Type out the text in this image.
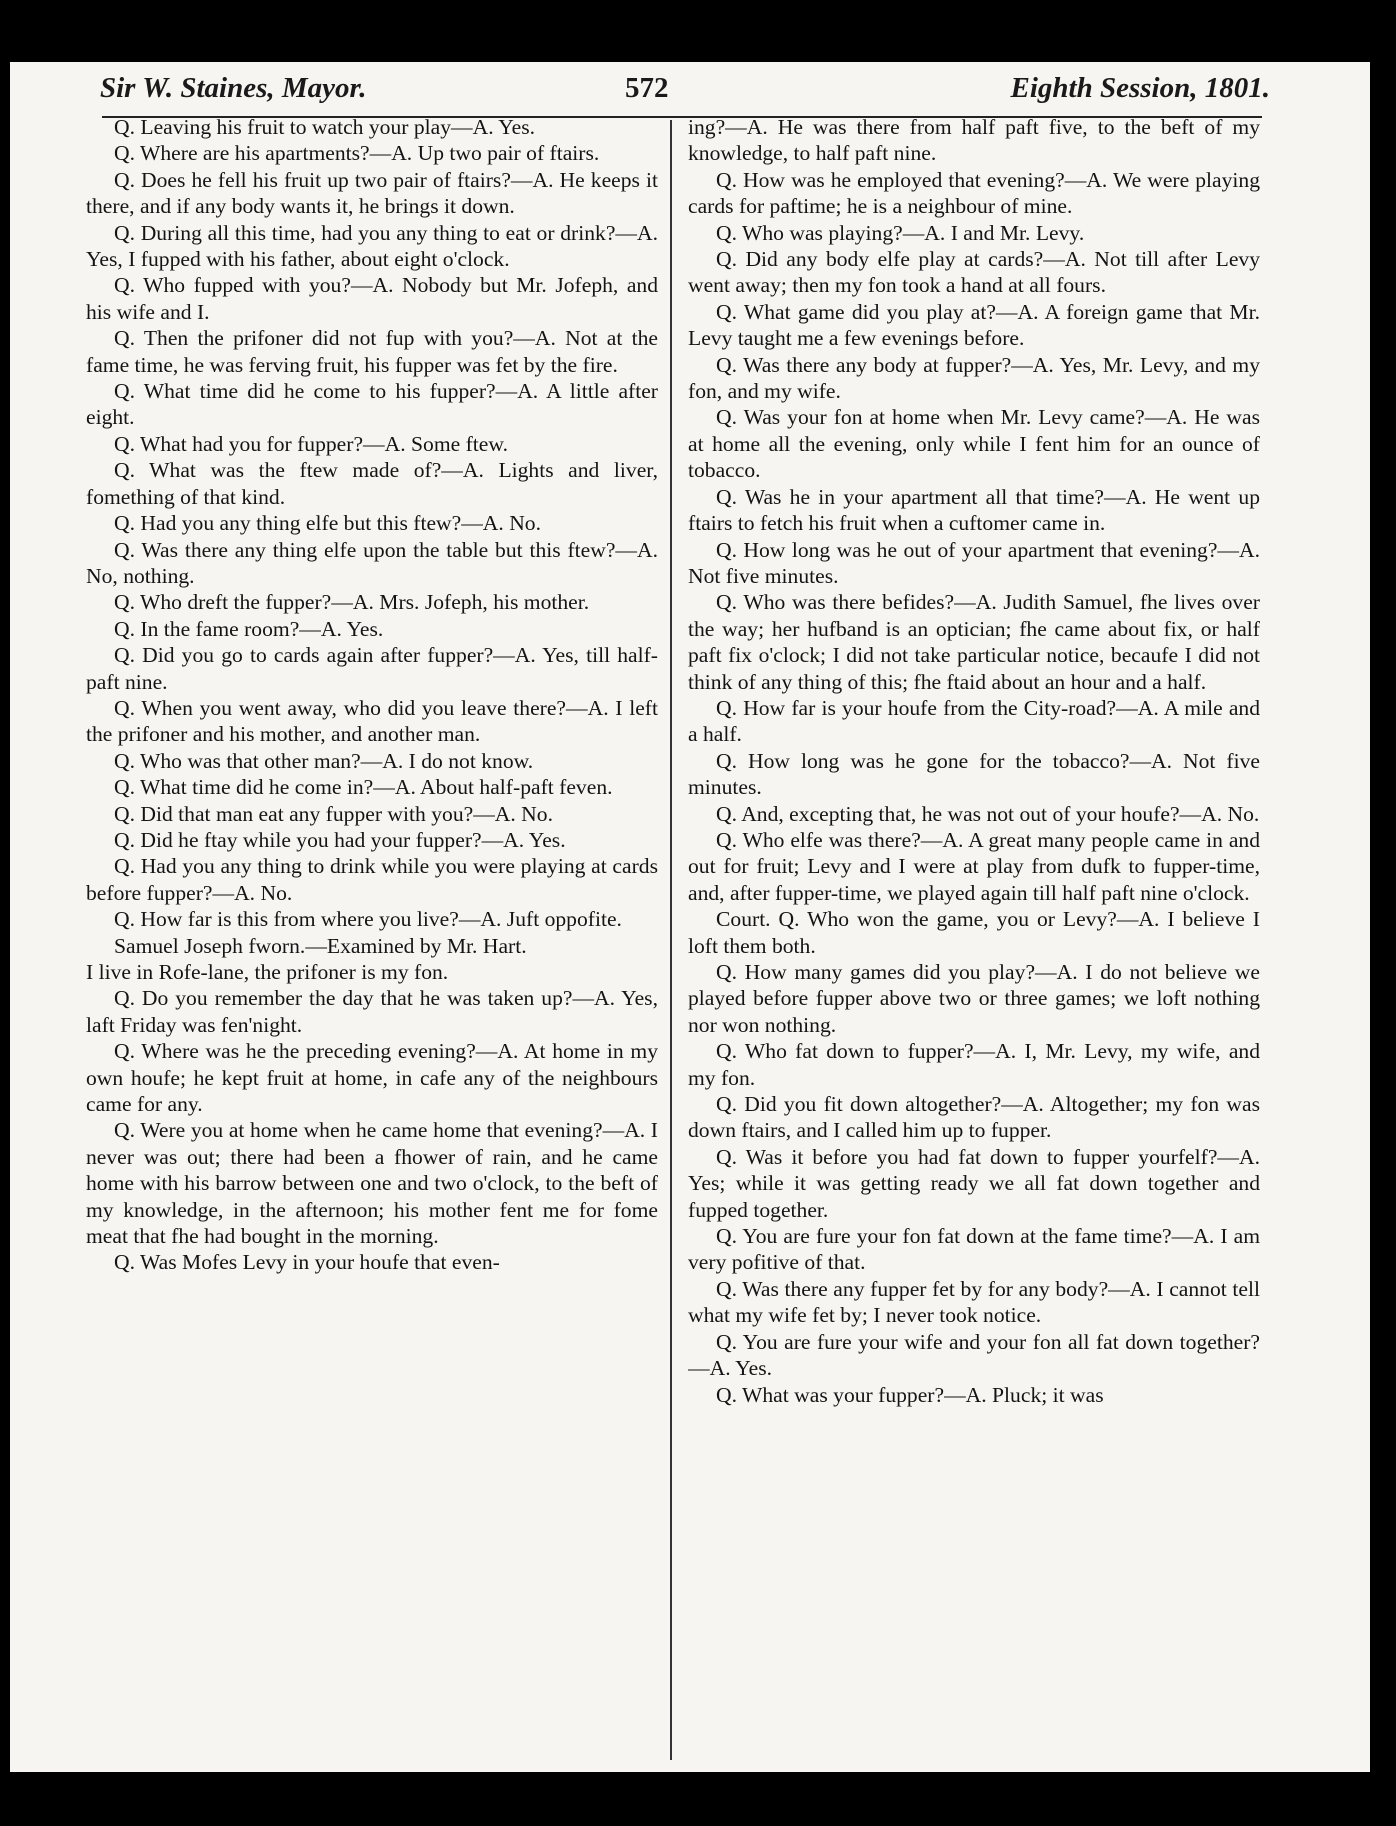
Sir W. Staines, Mayor.	572	Eighth Session, 1801.

Q. Leaving his fruit to watch your play—A. Yes.

Q. Where are his apartments?—A. Up two pair of ftairs.

Q. Does he fell his fruit up two pair of ftairs?—A. He keeps it there, and if any body wants it, he brings it down.

Q. During all this time, had you any thing to eat or drink?—A. Yes, I fupped with his father, about eight o'clock.

Q. Who fupped with you?—A. Nobody but Mr. Jofeph, and his wife and I.

Q. Then the prifoner did not fup with you?—A. Not at the fame time, he was ferving fruit, his fupper was fet by the fire.

Q. What time did he come to his fupper?—A. A little after eight.

Q. What had you for fupper?—A. Some ftew.

Q. What was the ftew made of?—A. Lights and liver, fomething of that kind.

Q. Had you any thing elfe but this ftew?—A. No.

Q. Was there any thing elfe upon the table but this ftew?—A. No, nothing.

Q. Who dreft the fupper?—A. Mrs. Jofeph, his mother.

Q. In the fame room?—A. Yes.

Q. Did you go to cards again after fupper?—A. Yes, till half-paft nine.

Q. When you went away, who did you leave there?—A. I left the prifoner and his mother, and another man.

Q. Who was that other man?—A. I do not know.

Q. What time did he come in?—A. About half-paft feven.

Q. Did that man eat any fupper with you?—A. No.

Q. Did he ftay while you had your fupper?—A. Yes.

Q. Had you any thing to drink while you were playing at cards before fupper?—A. No.

Q. How far is this from where you live?—A. Juft oppofite.

Samuel Joseph fworn.—Examined by Mr. Hart.

I live in Rofe-lane, the prifoner is my fon.

Q. Do you remember the day that he was taken up?—A. Yes, laft Friday was fen'night.

Q. Where was he the preceding evening?—A. At home in my own houfe; he kept fruit at home, in cafe any of the neighbours came for any.

Q. Were you at home when he came home that evening?—A. I never was out; there had been a fhower of rain, and he came home with his barrow between one and two o'clock, to the beft of my knowledge, in the afternoon; his mother fent me for fome meat that fhe had bought in the morning.

Q. Was Mofes Levy in your houfe that even-

ing?—A. He was there from half paft five, to the beft of my knowledge, to half paft nine.

Q. How was he employed that evening?—A. We were playing cards for paftime; he is a neighbour of mine.

Q. Who was playing?—A. I and Mr. Levy.

Q. Did any body elfe play at cards?—A. Not till after Levy went away; then my fon took a hand at all fours.

Q. What game did you play at?—A. A foreign game that Mr. Levy taught me a few evenings before.

Q. Was there any body at fupper?—A. Yes, Mr. Levy, and my fon, and my wife.

Q. Was your fon at home when Mr. Levy came?—A. He was at home all the evening, only while I fent him for an ounce of tobacco.

Q. Was he in your apartment all that time?—A. He went up ftairs to fetch his fruit when a cuftomer came in.

Q. How long was he out of your apartment that evening?—A. Not five minutes.

Q. Who was there befides?—A. Judith Samuel, fhe lives over the way; her hufband is an optician; fhe came about fix, or half paft fix o'clock; I did not take particular notice, becaufe I did not think of any thing of this; fhe ftaid about an hour and a half.

Q. How far is your houfe from the City-road?—A. A mile and a half.

Q. How long was he gone for the tobacco?—A. Not five minutes.

Q. And, excepting that, he was not out of your houfe?—A. No.

Q. Who elfe was there?—A. A great many people came in and out for fruit; Levy and I were at play from dufk to fupper-time, and, after fupper-time, we played again till half paft nine o'clock.

Court. Q. Who won the game, you or Levy?—A. I believe I loft them both.

Q. How many games did you play?—A. I do not believe we played before fupper above two or three games; we loft nothing nor won nothing.

Q. Who fat down to fupper?—A. I, Mr. Levy, my wife, and my fon.

Q. Did you fit down altogether?—A. Altogether; my fon was down ftairs, and I called him up to fupper.

Q. Was it before you had fat down to fupper yourfelf?—A. Yes; while it was getting ready we all fat down together and fupped together.

Q. You are fure your fon fat down at the fame time?—A. I am very pofitive of that.

Q. Was there any fupper fet by for any body?—A. I cannot tell what my wife fet by; I never took notice.

Q. You are fure your wife and your fon all fat down together?—A. Yes.

Q. What was your fupper?—A. Pluck; it was
